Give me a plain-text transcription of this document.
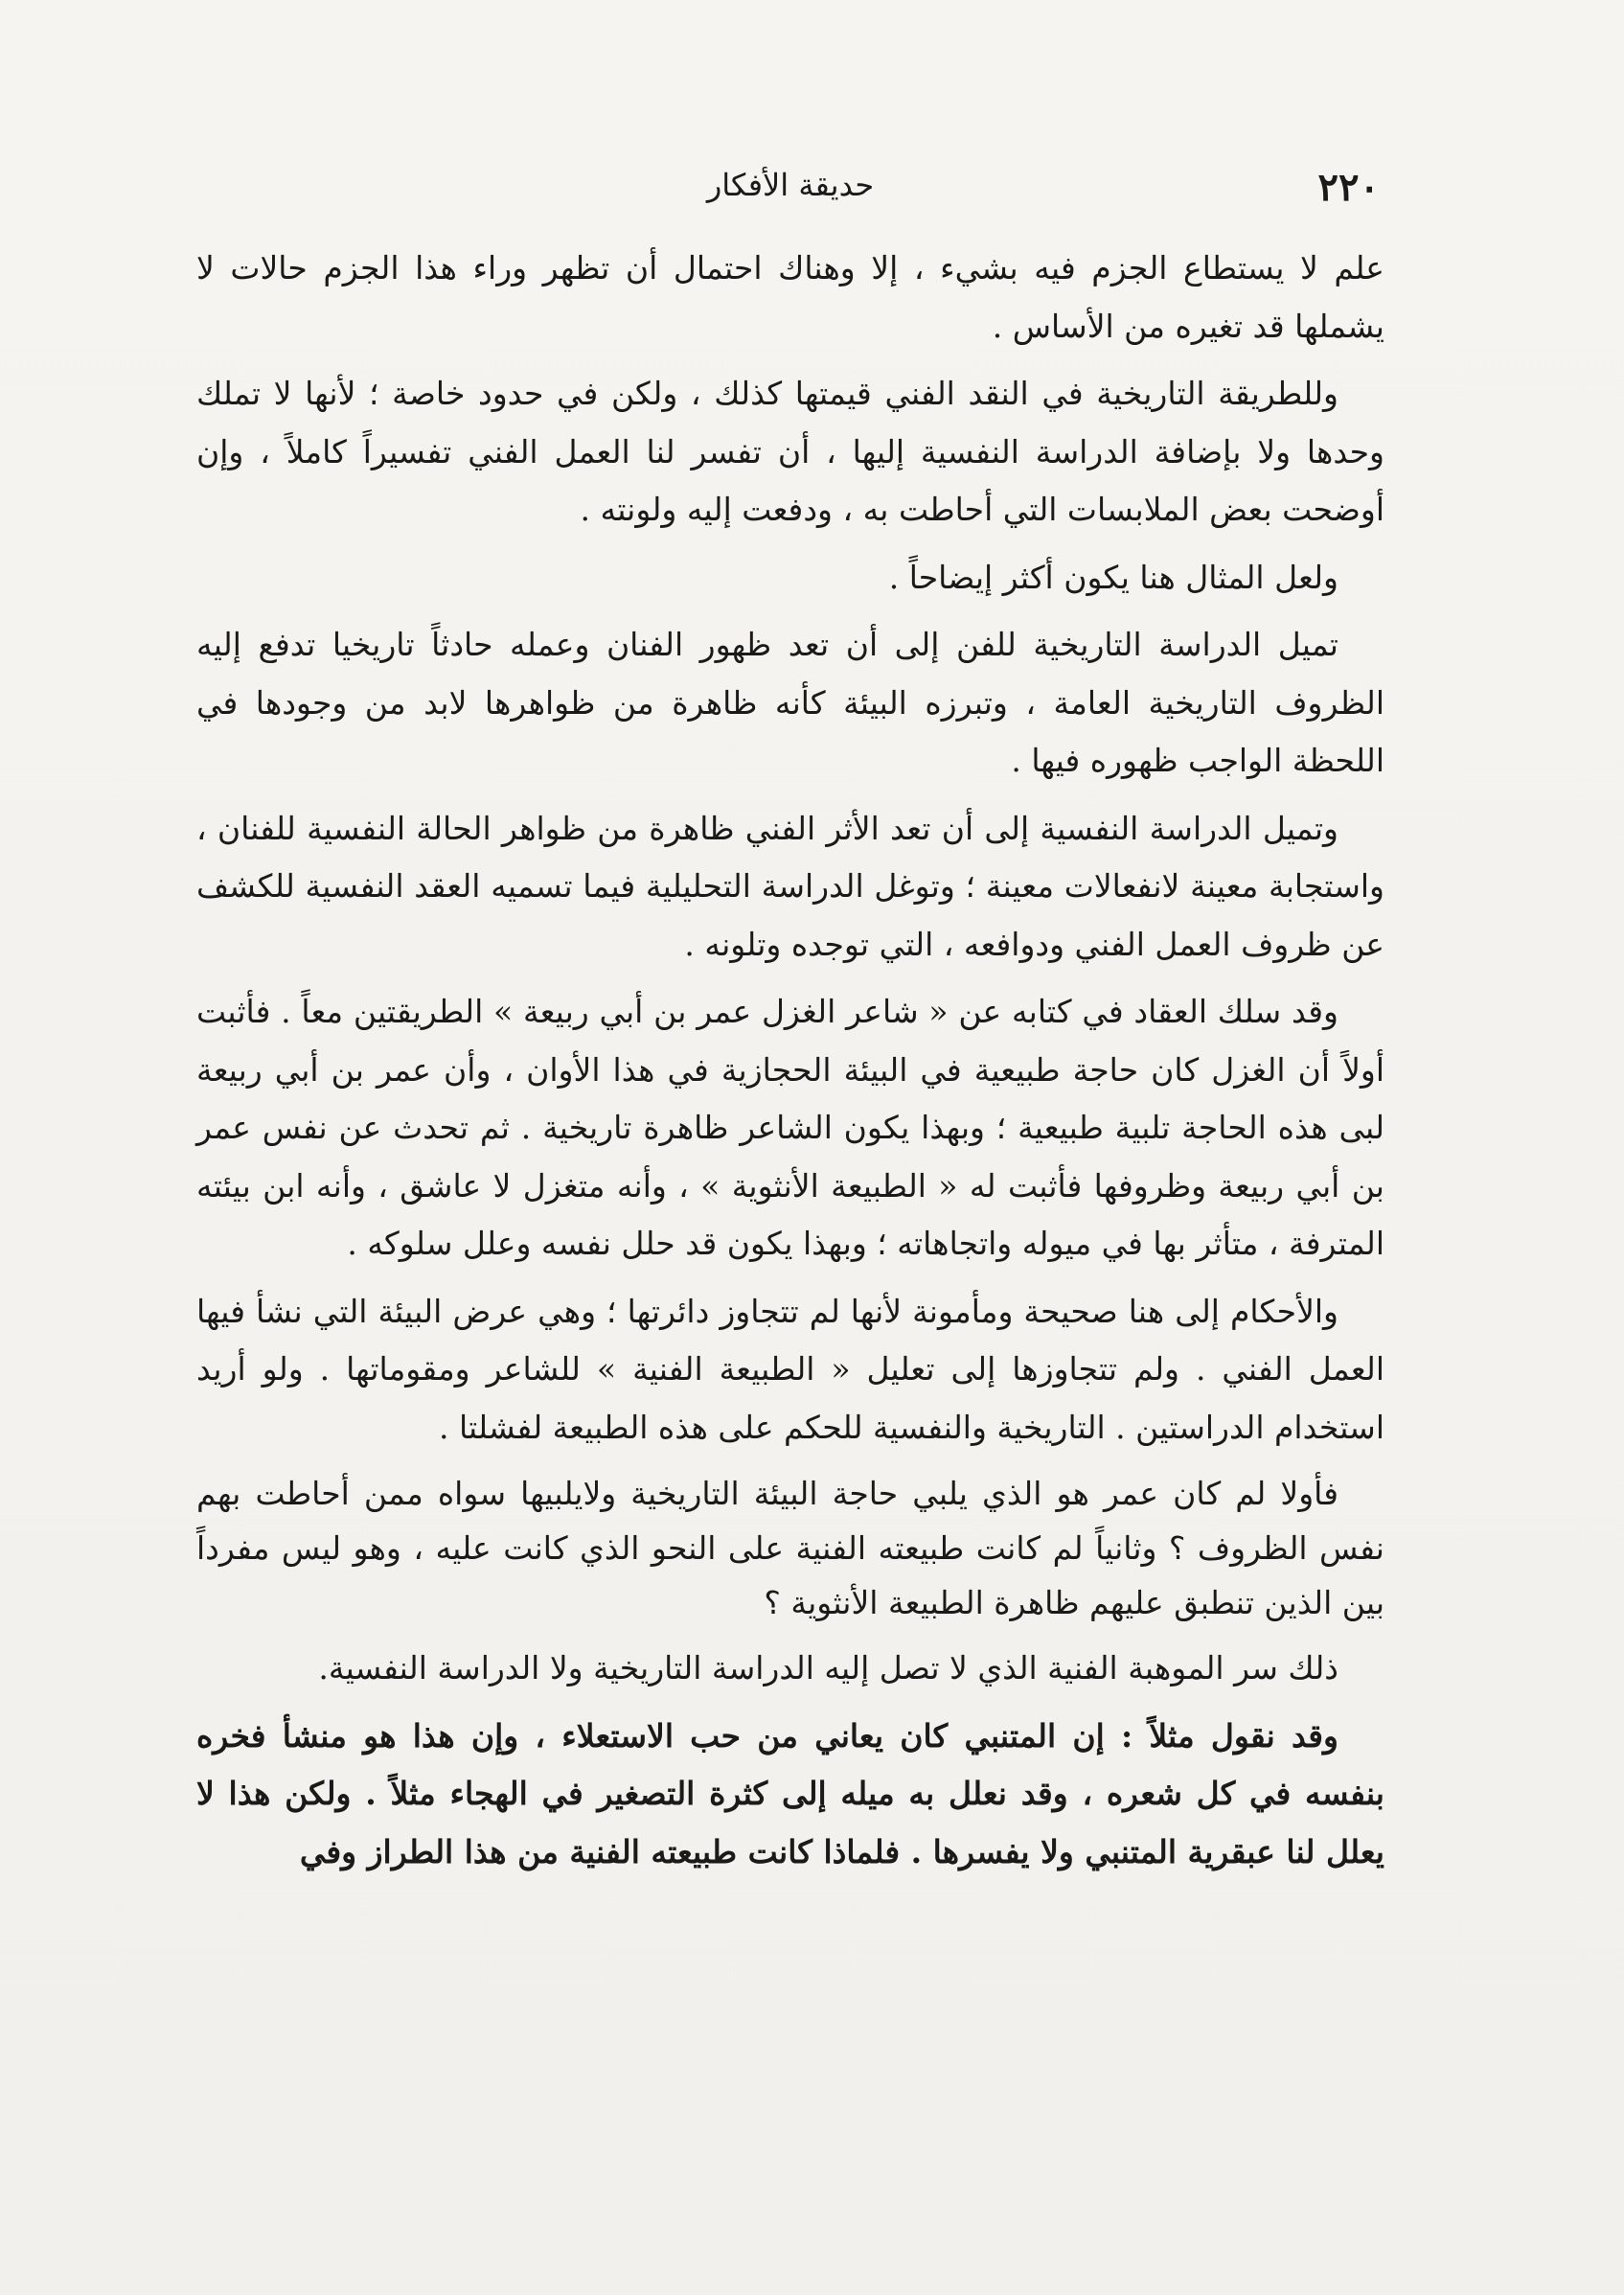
٢٢٠
حديقة الأفكار

علم لا يستطاع الجزم فيه بشيء ، إلا وهناك احتمال أن تظهر وراء هذا الجزم حالات لا يشملها قد تغيره من الأساس .

وللطريقة التاريخية في النقد الفني قيمتها كذلك ، ولكن في حدود خاصة ؛ لأنها لا تملك وحدها ولا بإضافة الدراسة النفسية إليها ، أن تفسر لنا العمل الفني تفسيراً كاملاً ، وإن أوضحت بعض الملابسات التي أحاطت به ، ودفعت إليه ولونته .

ولعل المثال هنا يكون أكثر إيضاحاً .

تميل الدراسة التاريخية للفن إلى أن تعد ظهور الفنان وعمله حادثاً تاريخيا تدفع إليه الظروف التاريخية العامة ، وتبرزه البيئة كأنه ظاهرة من ظواهرها لابد من وجودها في اللحظة الواجب ظهوره فيها .

وتميل الدراسة النفسية إلى أن تعد الأثر الفني ظاهرة من ظواهر الحالة النفسية للفنان ، واستجابة معينة لانفعالات معينة ؛ وتوغل الدراسة التحليلية فيما تسميه العقد النفسية للكشف عن ظروف العمل الفني ودوافعه ، التي توجده وتلونه .

وقد سلك العقاد في كتابه عن « شاعر الغزل عمر بن أبي ربيعة » الطريقتين معاً . فأثبت أولاً أن الغزل كان حاجة طبيعية في البيئة الحجازية في هذا الأوان ، وأن عمر بن أبي ربيعة لبى هذه الحاجة تلبية طبيعية ؛ وبهذا يكون الشاعر ظاهرة تاريخية . ثم تحدث عن نفس عمر بن أبي ربيعة وظروفها فأثبت له « الطبيعة الأنثوية » ، وأنه متغزل لا عاشق ، وأنه ابن بيئته المترفة ، متأثر بها في ميوله واتجاهاته ؛ وبهذا يكون قد حلل نفسه وعلل سلوكه .

والأحكام إلى هنا صحيحة ومأمونة لأنها لم تتجاوز دائرتها ؛ وهي عرض البيئة التي نشأ فيها العمل الفني . ولم تتجاوزها إلى تعليل « الطبيعة الفنية » للشاعر ومقوماتها . ولو أريد استخدام الدراستين . التاريخية والنفسية للحكم على هذه الطبيعة لفشلتا .

فأولا لم كان عمر هو الذي يلبي حاجة البيئة التاريخية ولايلبيها سواه ممن أحاطت بهم نفس الظروف ؟ وثانياً لم كانت طبيعته الفنية على النحو الذي كانت عليه ، وهو ليس مفرداً بين الذين تنطبق عليهم ظاهرة الطبيعة الأنثوية ؟

ذلك سر الموهبة الفنية الذي لا تصل إليه الدراسة التاريخية ولا الدراسة النفسية.

وقد نقول مثلاً : إن المتنبي كان يعاني من حب الاستعلاء ، وإن هذا هو منشأ فخره بنفسه في كل شعره ، وقد نعلل به ميله إلى كثرة التصغير في الهجاء مثلاً . ولكن هذا لا يعلل لنا عبقرية المتنبي ولا يفسرها . فلماذا كانت طبيعته الفنية من هذا الطراز وفي
